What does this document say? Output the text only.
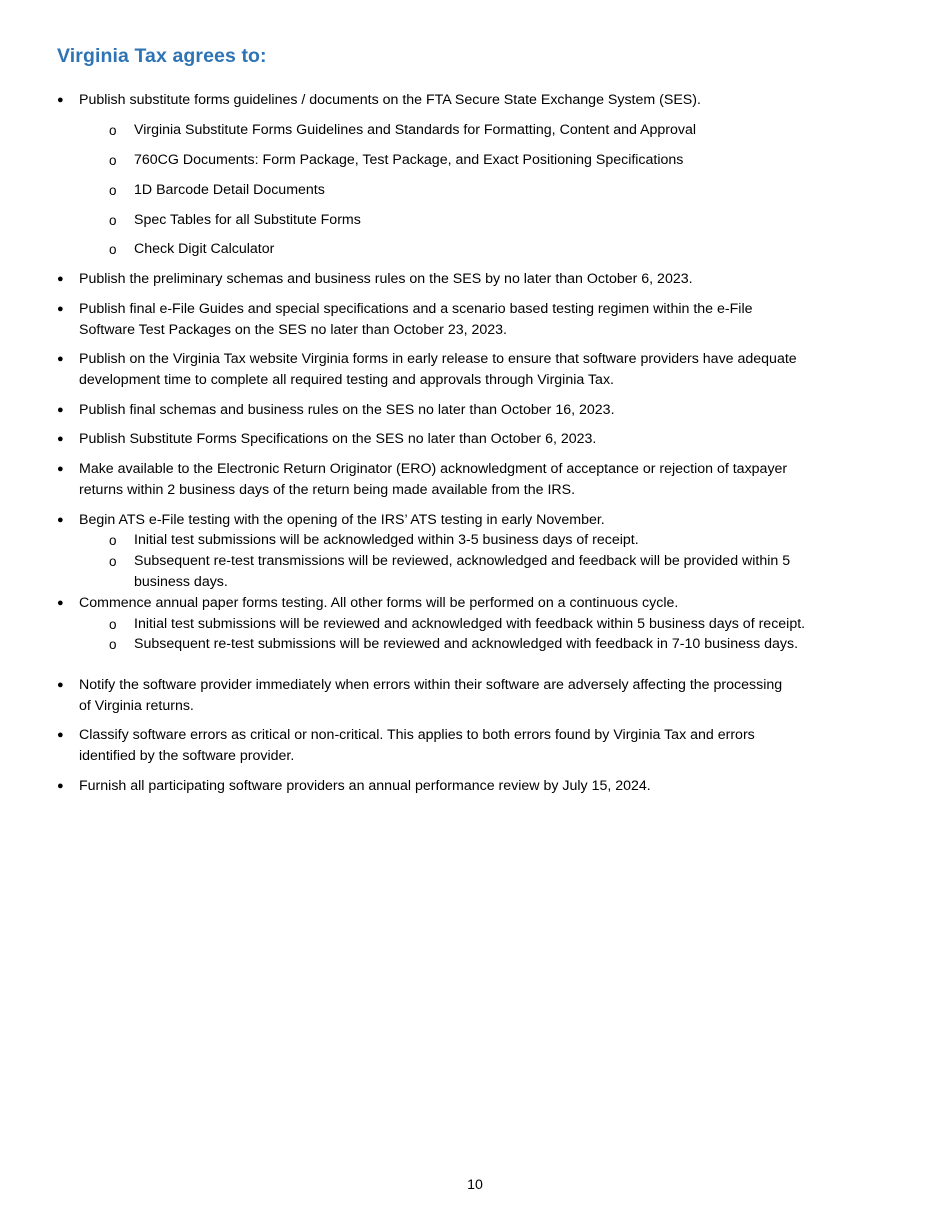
Virginia Tax agrees to:
● Publish substitute forms guidelines / documents on the FTA Secure State Exchange System (SES).
o Virginia Substitute Forms Guidelines and Standards for Formatting, Content and Approval
o 760CG Documents: Form Package, Test Package, and Exact Positioning Specifications
o 1D Barcode Detail Documents
o Spec Tables for all Substitute Forms
o Check Digit Calculator
● Publish the preliminary schemas and business rules on the SES by no later than October 6, 2023.
● Publish final e-File Guides and special specifications and a scenario based testing regimen within the e-File
Software Test Packages on the SES no later than October 23, 2023.
● Publish on the Virginia Tax website Virginia forms in early release to ensure that software providers have adequate
development time to complete all required testing and approvals through Virginia Tax.
● Publish final schemas and business rules on the SES no later than October 16, 2023.
● Publish Substitute Forms Specifications on the SES no later than October 6, 2023.
● Make available to the Electronic Return Originator (ERO) acknowledgment of acceptance or rejection of taxpayer
returns within 2 business days of the return being made available from the IRS.
● Begin ATS e-File testing with the opening of the IRS’ ATS testing in early November.
o Initial test submissions will be acknowledged within 3-5 business days of receipt.
o Subsequent re-test transmissions will be reviewed, acknowledged and feedback will be provided within 5
business days.
● Commence annual paper forms testing. All other forms will be performed on a continuous cycle.
o Initial test submissions will be reviewed and acknowledged with feedback within 5 business days of receipt.
o Subsequent re-test submissions will be reviewed and acknowledged with feedback in 7-10 business days.
● Notify the software provider immediately when errors within their software are adversely affecting the processing
of Virginia returns.
● Classify software errors as critical or non-critical. This applies to both errors found by Virginia Tax and errors
identified by the software provider.
● Furnish all participating software providers an annual performance review by July 15, 2024.
10
